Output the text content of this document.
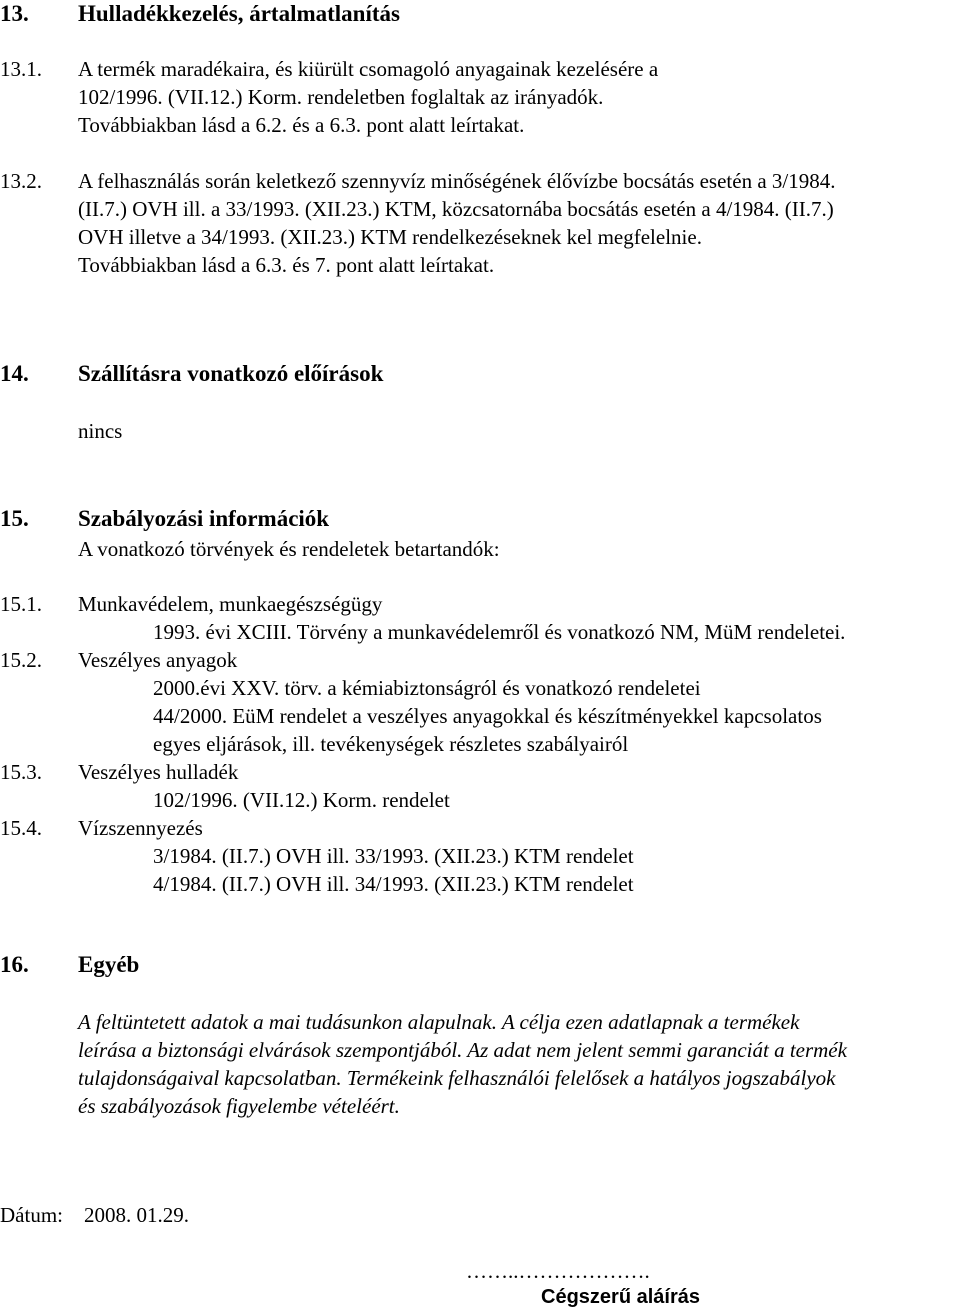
13. Hulladékkezelés, ártalmatlanítás
13.1. A termék maradékaira, és kiürült csomagoló anyagainak kezelésére a
102/1996. (VII.12.) Korm. rendeletben foglaltak az irányadók.
Továbbiakban lásd a 6.2. és a 6.3. pont alatt leírtakat.
13.2. A felhasználás során keletkező szennyvíz minőségének élővízbe bocsátás esetén a 3/1984.
(II.7.) OVH ill. a 33/1993. (XII.23.) KTM, közcsatornába bocsátás esetén a 4/1984. (II.7.)
OVH illetve a 34/1993. (XII.23.) KTM rendelkezéseknek kel megfelelnie.
Továbbiakban lásd a 6.3. és 7. pont alatt leírtakat.
14. Szállításra vonatkozó előírások
nincs
15. Szabályozási információk
A vonatkozó törvények és rendeletek betartandók:
15.1. Munkavédelem, munkaegészségügy
1993. évi XCIII. Törvény a munkavédelemről és vonatkozó NM, MüM rendeletei.
15.2. Veszélyes anyagok
2000.évi XXV. törv. a kémiabiztonságról és vonatkozó rendeletei
44/2000. EüM rendelet a veszélyes anyagokkal és készítményekkel kapcsolatos
egyes eljárások, ill. tevékenységek részletes szabályairól
15.3. Veszélyes hulladék
102/1996. (VII.12.) Korm. rendelet
15.4. Vízszennyezés
3/1984. (II.7.) OVH ill. 33/1993. (XII.23.) KTM rendelet
4/1984. (II.7.) OVH ill. 34/1993. (XII.23.) KTM rendelet
16. Egyéb
A feltüntetett adatok a mai tudásunkon alapulnak. A célja ezen adatlapnak a termékek
leírása a biztonsági elvárások szempontjából. Az adat nem jelent semmi garanciát a termék
tulajdonságaival kapcsolatban. Termékeink felhasználói felelősek a hatályos jogszabályok
és szabályozások figyelembe vételéért.
Dátum: 2008. 01.29.
……..……………….
Cégszerű aláírás
